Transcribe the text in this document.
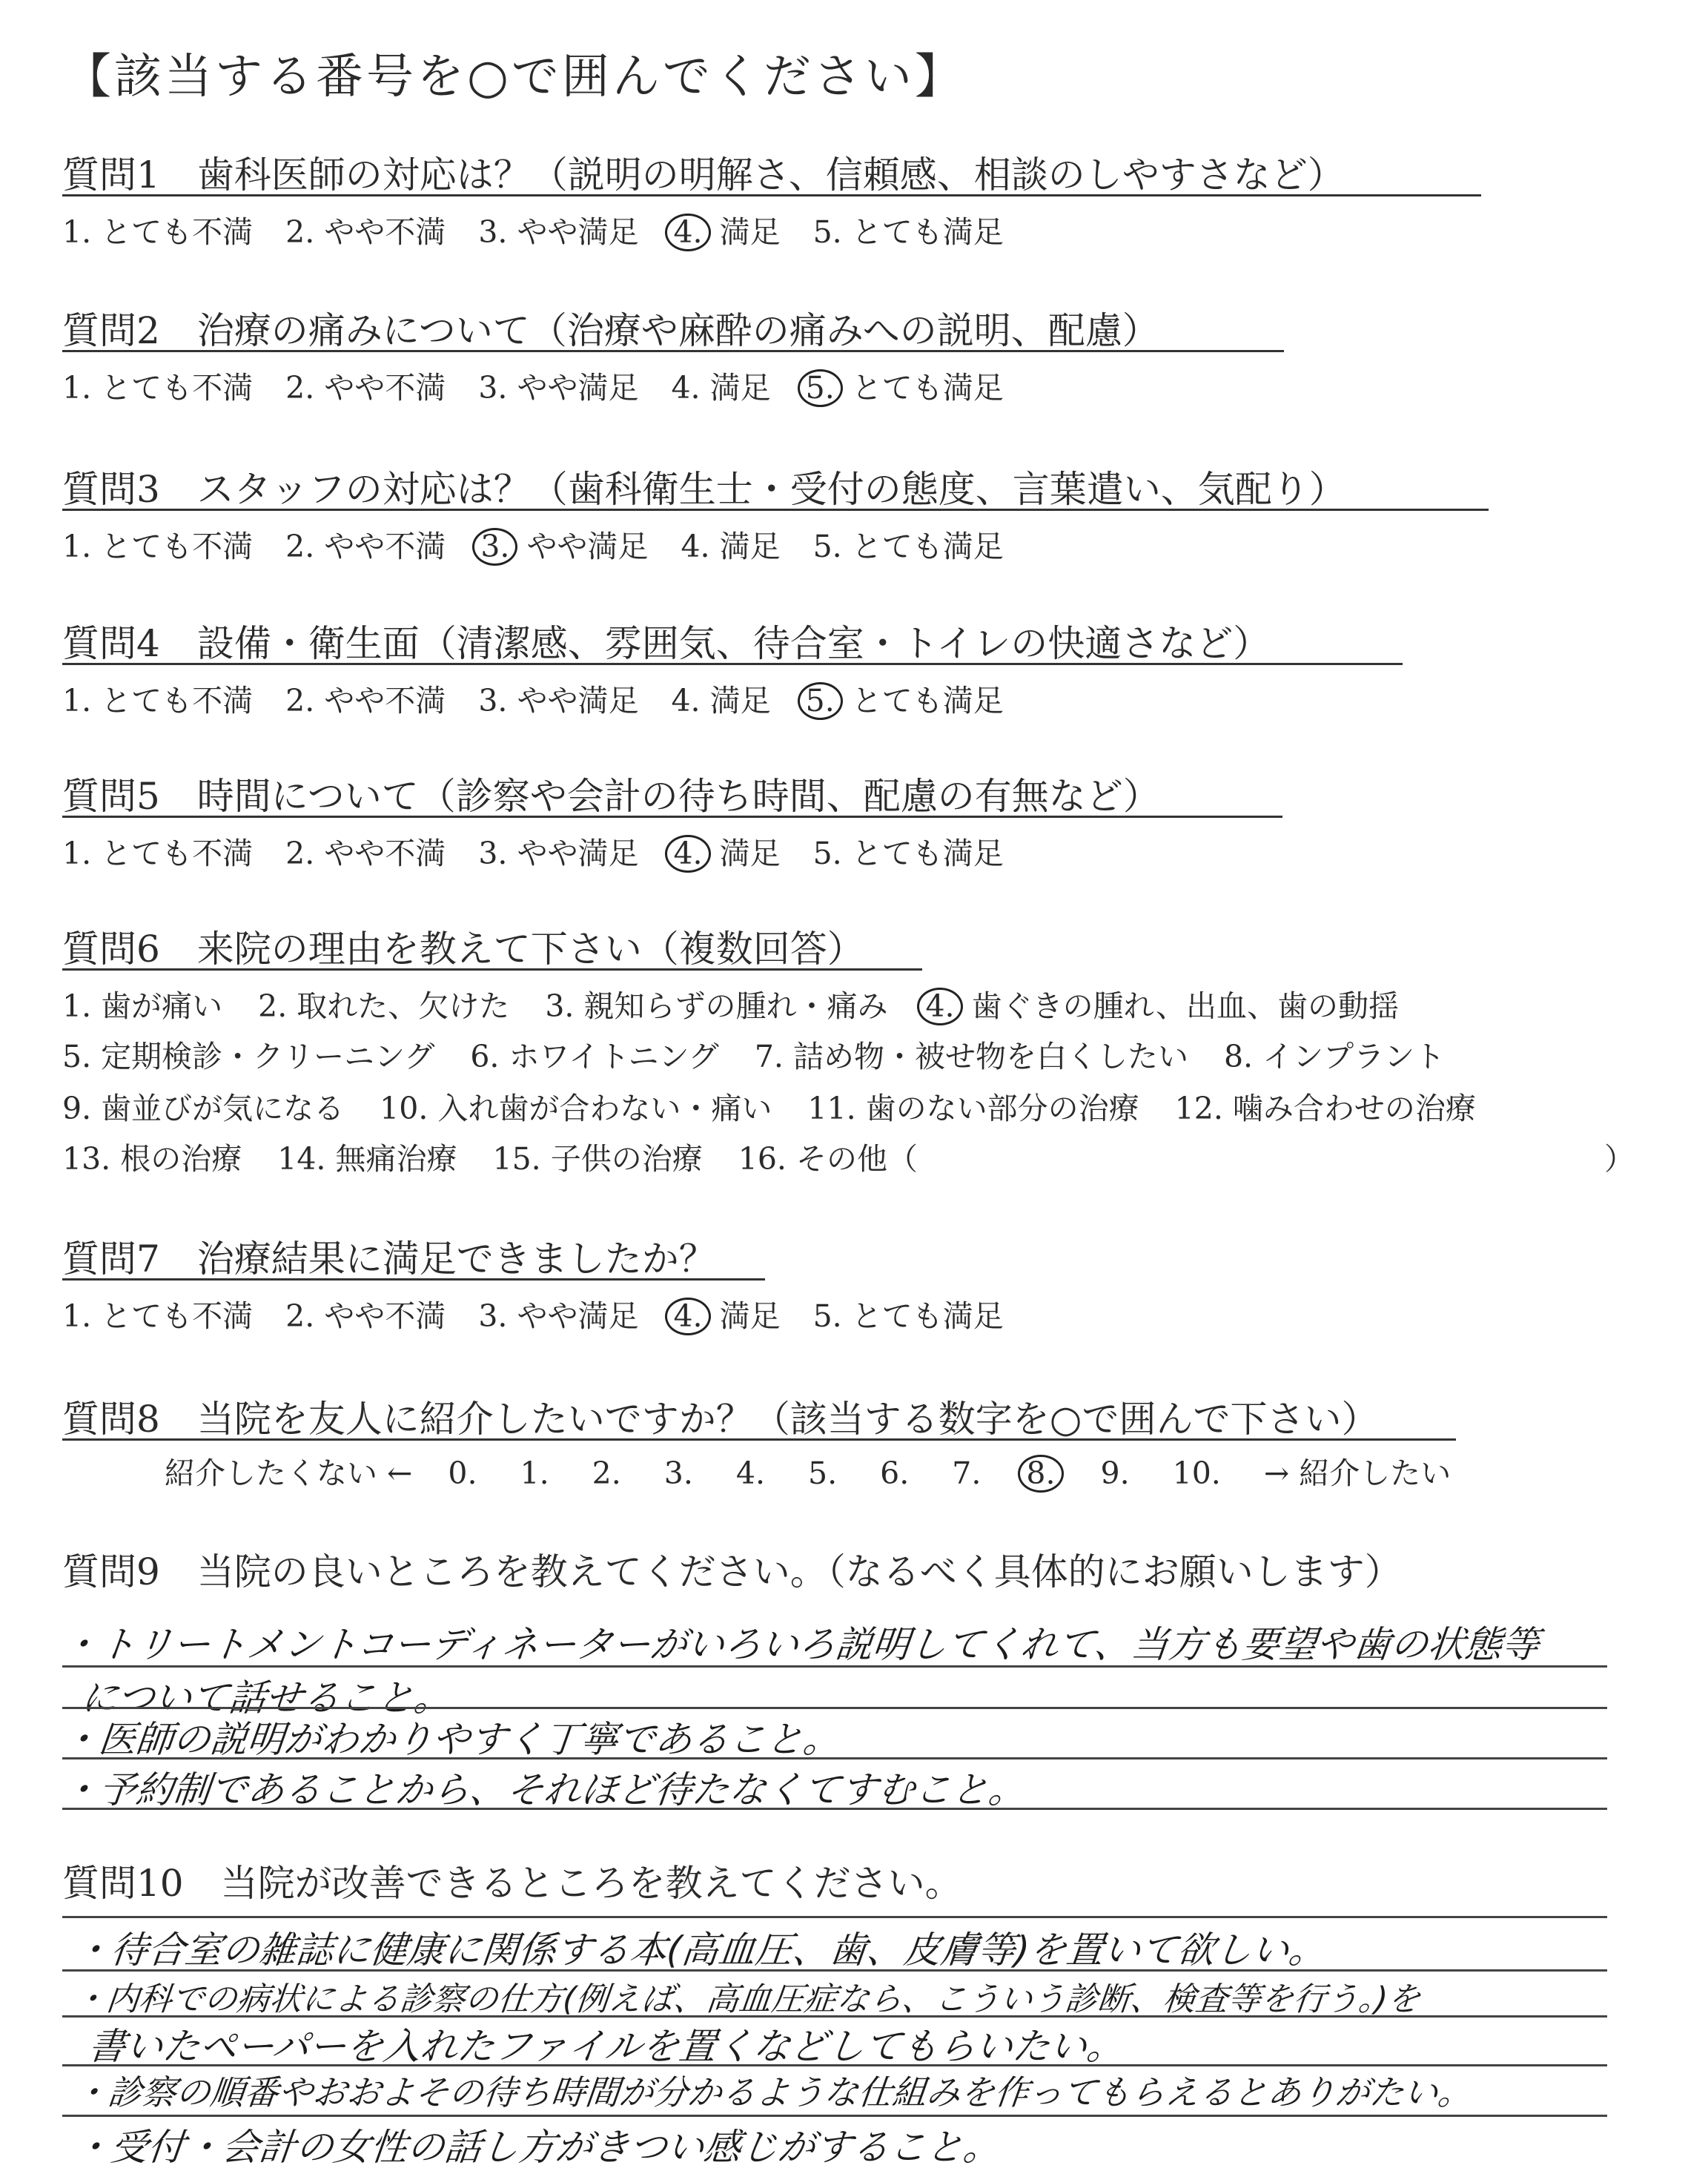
【該当する番号を○で囲んでください】
質問1　歯科医師の対応は？（説明の明解さ、信頼感、相談のしやすさなど）
1. とても不満 2. やや不満 3. やや満足 4. 満足 5. とても満足
質問2　治療の痛みについて（治療や麻酔の痛みへの説明、配慮）
1. とても不満 2. やや不満 3. やや満足 4. 満足 5. とても満足
質問3　スタッフの対応は？（歯科衛生士・受付の態度、言葉遣い、気配り）
1. とても不満 2. やや不満 3. やや満足 4. 満足 5. とても満足
質問4　設備・衛生面（清潔感、雰囲気、待合室・トイレの快適さなど）
1. とても不満 2. やや不満 3. やや満足 4. 満足 5. とても満足
質問5　時間について（診察や会計の待ち時間、配慮の有無など）
1. とても不満 2. やや不満 3. やや満足 4. 満足 5. とても満足
質問6　来院の理由を教えて下さい（複数回答）
1. 歯が痛い 2. 取れた、欠けた 3. 親知らずの腫れ・痛み 4. 歯ぐきの腫れ、出血、歯の動揺
5. 定期検診・クリーニング 6. ホワイトニング 7. 詰め物・被せ物を白くしたい 8. インプラント
9. 歯並びが気になる 10. 入れ歯が合わない・痛い 11. 歯のない部分の治療 12. 噛み合わせの治療
13. 根の治療 14. 無痛治療 15. 子供の治療 16. その他（	）
質問7　治療結果に満足できましたか？
1. とても不満 2. やや不満 3. やや満足 4. 満足 5. とても満足
質問8　当院を友人に紹介したいですか？（該当する数字を○で囲んで下さい）
紹介したくない ← 0. 1. 2. 3. 4. 5. 6. 7. 8. 9. 10. → 紹介したい
質問9　当院の良いところを教えてください。（なるべく具体的にお願いします）
・トリートメントコーディネーターがいろいろ説明してくれて、当方も要望や歯の状態等
について話せること。
・医師の説明がわかりやすく丁寧であること。
・予約制であることから、それほど待たなくてすむこと。
質問10　当院が改善できるところを教えてください。
・待合室の雑誌に健康に関係する本(高血圧、歯、皮膚等)を置いて欲しい。
・内科での病状による診察の仕方(例えば、高血圧症なら、こういう診断、検査等を行う。)を
書いたペーパーを入れたファイルを置くなどしてもらいたい。
・診察の順番やおおよその待ち時間が分かるような仕組みを作ってもらえるとありがたい。
・受付・会計の女性の話し方がきつい感じがすること。
